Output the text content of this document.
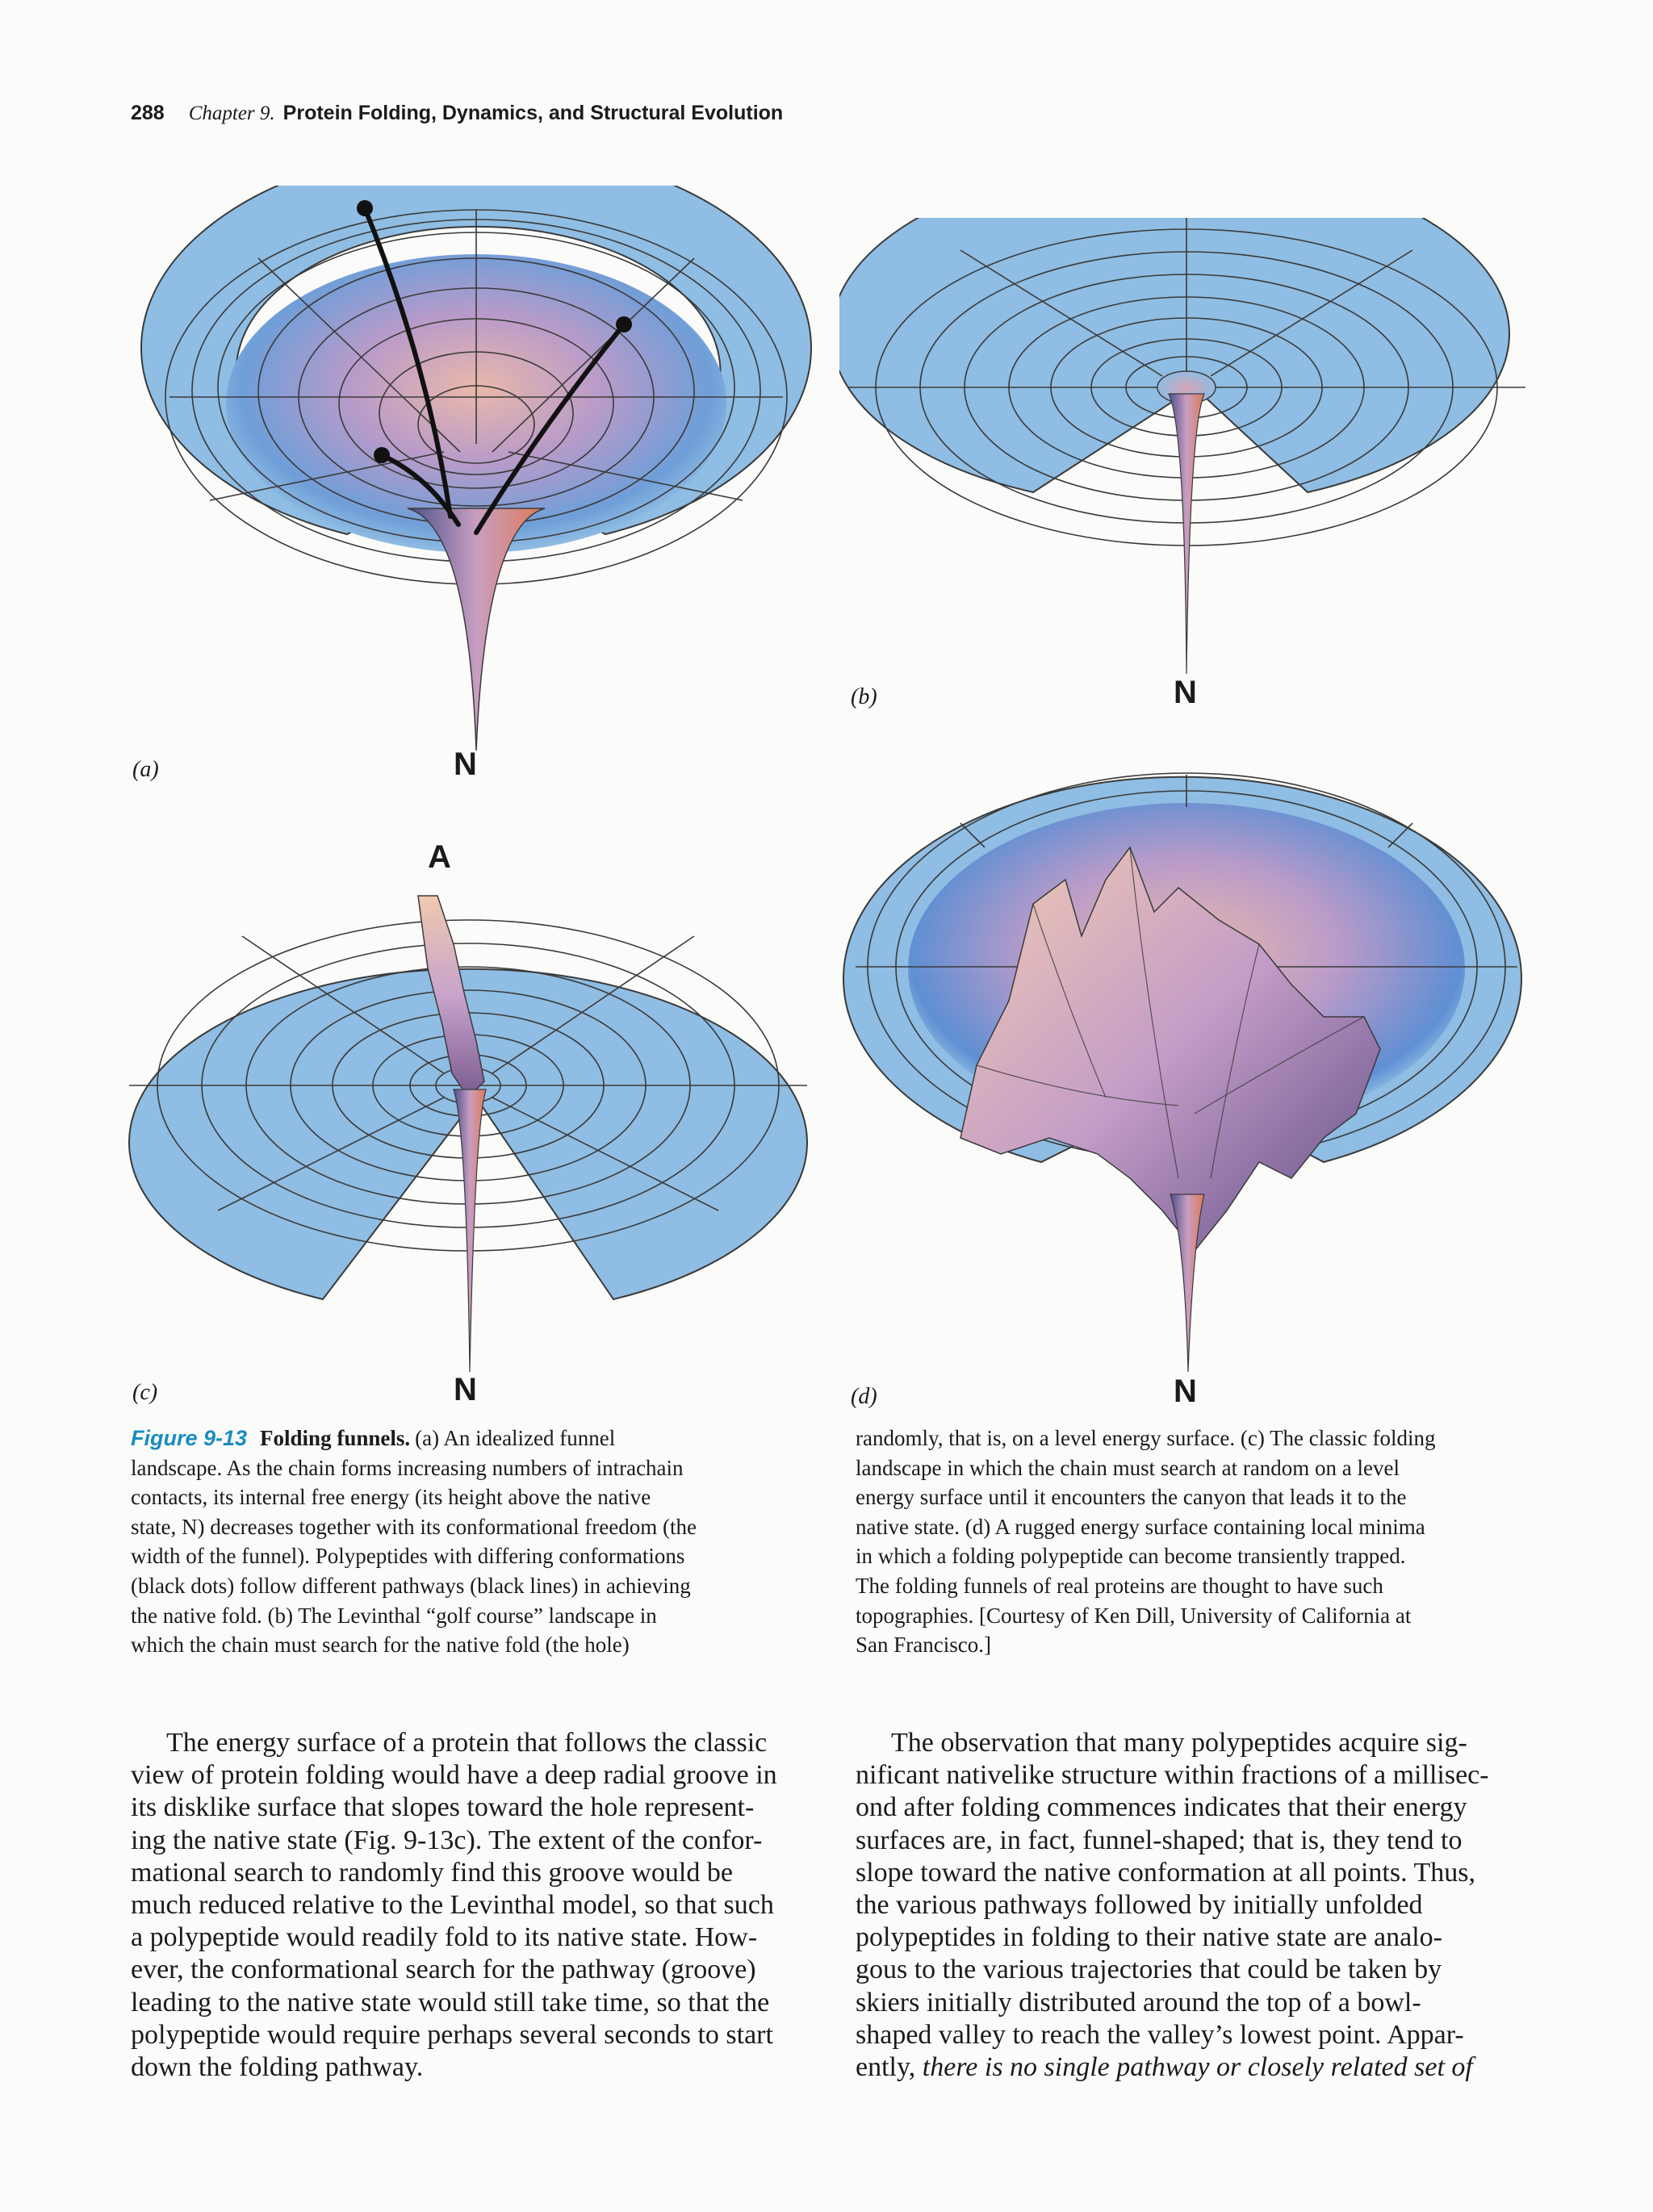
288 Chapter 9. Protein Folding, Dynamics, and Structural Evolution
(a)	N
(b)	N
A
(c)	N	(d)	N
Figure 9-13 Folding funnels. (a) An idealized funnel
landscape. As the chain forms increasing numbers of intrachain
contacts, its internal free energy (its height above the native
state, N) decreases together with its conformational freedom (the
width of the funnel). Polypeptides with differing conformations
(black dots) follow different pathways (black lines) in achieving
the native fold. (b) The Levinthal “golf course” landscape in
which the chain must search for the native fold (the hole)
randomly, that is, on a level energy surface. (c) The classic folding
landscape in which the chain must search at random on a level
energy surface until it encounters the canyon that leads it to the
native state. (d) A rugged energy surface containing local minima
in which a folding polypeptide can become transiently trapped.
The folding funnels of real proteins are thought to have such
topographies. [Courtesy of Ken Dill, University of California at
San Francisco.]
The energy surface of a protein that follows the classic
view of protein folding would have a deep radial groove in
its disklike surface that slopes toward the hole represent-
ing the native state (Fig. 9-13c). The extent of the confor-
mational search to randomly find this groove would be
much reduced relative to the Levinthal model, so that such
a polypeptide would readily fold to its native state. How-
ever, the conformational search for the pathway (groove)
leading to the native state would still take time, so that the
polypeptide would require perhaps several seconds to start
down the folding pathway.
The observation that many polypeptides acquire sig-
nificant nativelike structure within fractions of a millisec-
ond after folding commences indicates that their energy
surfaces are, in fact, funnel-shaped; that is, they tend to
slope toward the native conformation at all points. Thus,
the various pathways followed by initially unfolded
polypeptides in folding to their native state are analo-
gous to the various trajectories that could be taken by
skiers initially distributed around the top of a bowl-
shaped valley to reach the valley’s lowest point. Appar-
ently, there is no single pathway or closely related set of
